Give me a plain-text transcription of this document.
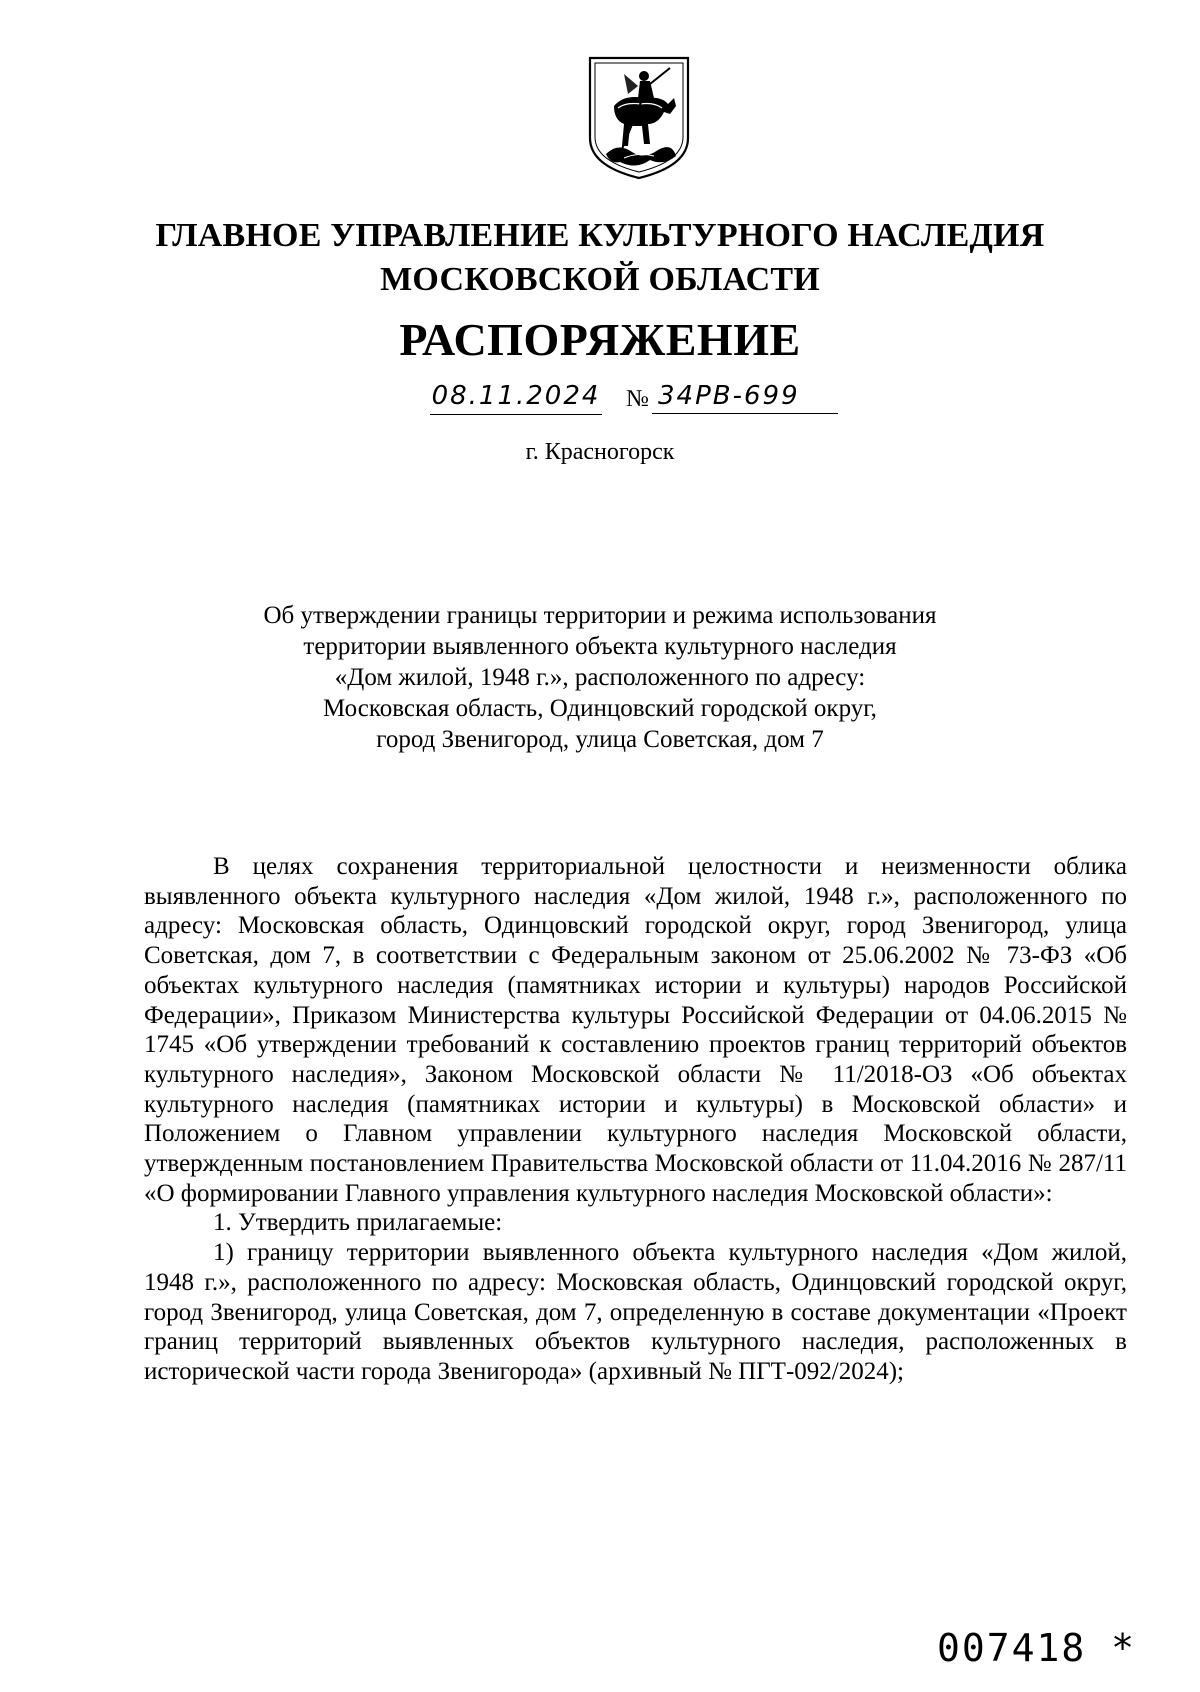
ГЛАВНОЕ УПРАВЛЕНИЕ КУЛЬТУРНОГО НАСЛЕДИЯ
МОСКОВСКОЙ ОБЛАСТИ
РАСПОРЯЖЕНИЕ
08.11.2024 № 34РВ-699
г. Красногорск
Об утверждении границы территории и режима использования
территории выявленного объекта культурного наследия
«Дом жилой, 1948 г.», расположенного по адресу:
Московская область, Одинцовский городской округ,
город Звенигород, улица Советская, дом 7

В целях сохранения территориальной целостности и неизменности облика выявленного объекта культурного наследия «Дом жилой, 1948 г.», расположенного по адресу: Московская область, Одинцовский городской округ, город Звенигород, улица Советская, дом 7, в соответствии с Федеральным законом от 25.06.2002 № 73-ФЗ «Об объектах культурного наследия (памятниках истории и культуры) народов Российской Федерации», Приказом Министерства культуры Российской Федерации от 04.06.2015 № 1745 «Об утверждении требований к составлению проектов границ территорий объектов культурного наследия», Законом Московской области № 11/2018-ОЗ «Об объектах культурного наследия (памятниках истории и культуры) в Московской области» и Положением о Главном управлении культурного наследия Московской области, утвержденным постановлением Правительства Московской области от 11.04.2016 № 287/11 «О формировании Главного управления культурного наследия Московской области»:

1. Утвердить прилагаемые:

1) границу территории выявленного объекта культурного наследия «Дом жилой, 1948 г.», расположенного по адресу: Московская область, Одинцовский городской округ, город Звенигород, улица Советская, дом 7, определенную в составе документации «Проект границ территорий выявленных объектов культурного наследия, расположенных в исторической части города Звенигорода» (архивный № ПГТ-092/2024);

007418 *
